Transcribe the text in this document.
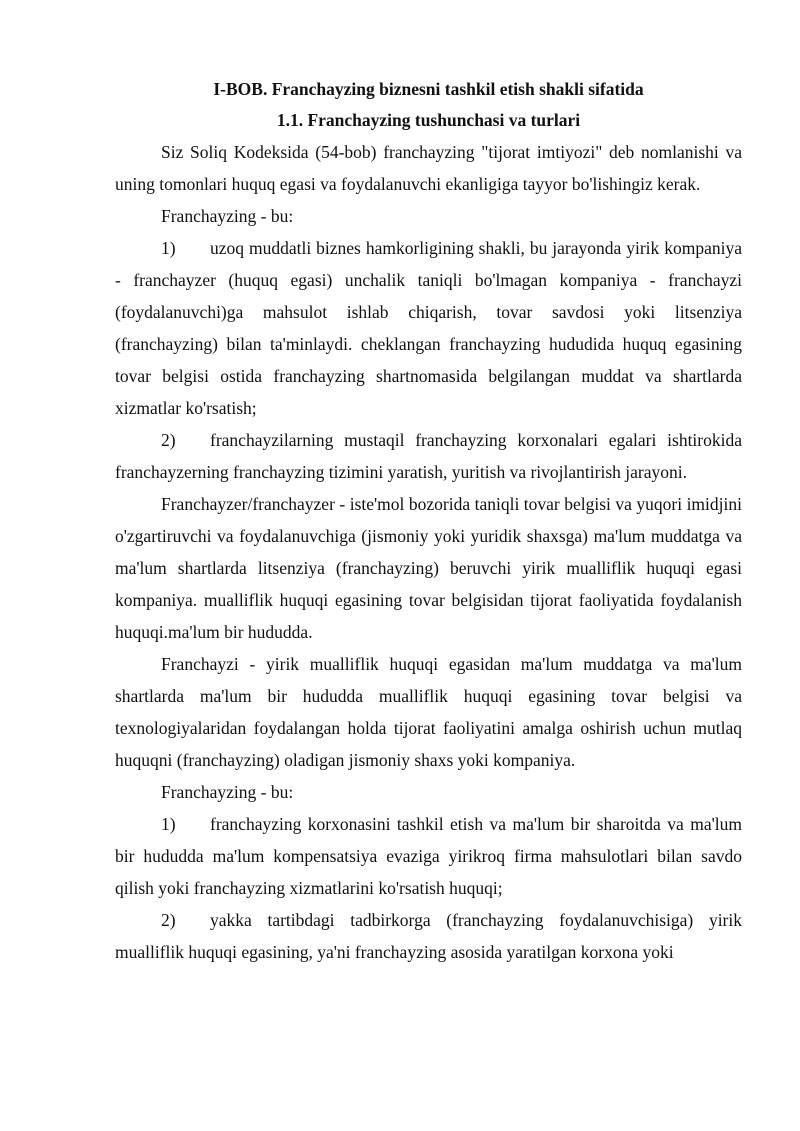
I-BOB. Franchayzing biznesni tashkil etish shakli sifatida
1.1. Franchayzing tushunchasi va turlari

Siz Soliq Kodeksida (54-bob) franchayzing "tijorat imtiyozi" deb nomlanishi va uning tomonlari huquq egasi va foydalanuvchi ekanligiga tayyor bo'lishingiz kerak.

Franchayzing - bu:

1) uzoq muddatli biznes hamkorligining shakli, bu jarayonda yirik kompaniya - franchayzer (huquq egasi) unchalik taniqli bo'lmagan kompaniya - franchayzi (foydalanuvchi)ga mahsulot ishlab chiqarish, tovar savdosi yoki litsenziya (franchayzing) bilan ta'minlaydi. cheklangan franchayzing hududida huquq egasining tovar belgisi ostida franchayzing shartnomasida belgilangan muddat va shartlarda xizmatlar ko'rsatish;

2) franchayzilarning mustaqil franchayzing korxonalari egalari ishtirokida franchayzerning franchayzing tizimini yaratish, yuritish va rivojlantirish jarayoni.

Franchayzer/franchayzer - iste'mol bozorida taniqli tovar belgisi va yuqori imidjini o'zgartiruvchi va foydalanuvchiga (jismoniy yoki yuridik shaxsga) ma'lum muddatga va ma'lum shartlarda litsenziya (franchayzing) beruvchi yirik mualliflik huquqi egasi kompaniya. mualliflik huquqi egasining tovar belgisidan tijorat faoliyatida foydalanish huquqi.ma'lum bir hududda.

Franchayzi - yirik mualliflik huquqi egasidan ma'lum muddatga va ma'lum shartlarda ma'lum bir hududda mualliflik huquqi egasining tovar belgisi va texnologiyalaridan foydalangan holda tijorat faoliyatini amalga oshirish uchun mutlaq huquqni (franchayzing) oladigan jismoniy shaxs yoki kompaniya.

Franchayzing - bu:

1) franchayzing korxonasini tashkil etish va ma'lum bir sharoitda va ma'lum bir hududda ma'lum kompensatsiya evaziga yirikroq firma mahsulotlari bilan savdo qilish yoki franchayzing xizmatlarini ko'rsatish huquqi;

2) yakka tartibdagi tadbirkorga (franchayzing foydalanuvchisiga) yirik mualliflik huquqi egasining, ya'ni franchayzing asosida yaratilgan korxona yoki
